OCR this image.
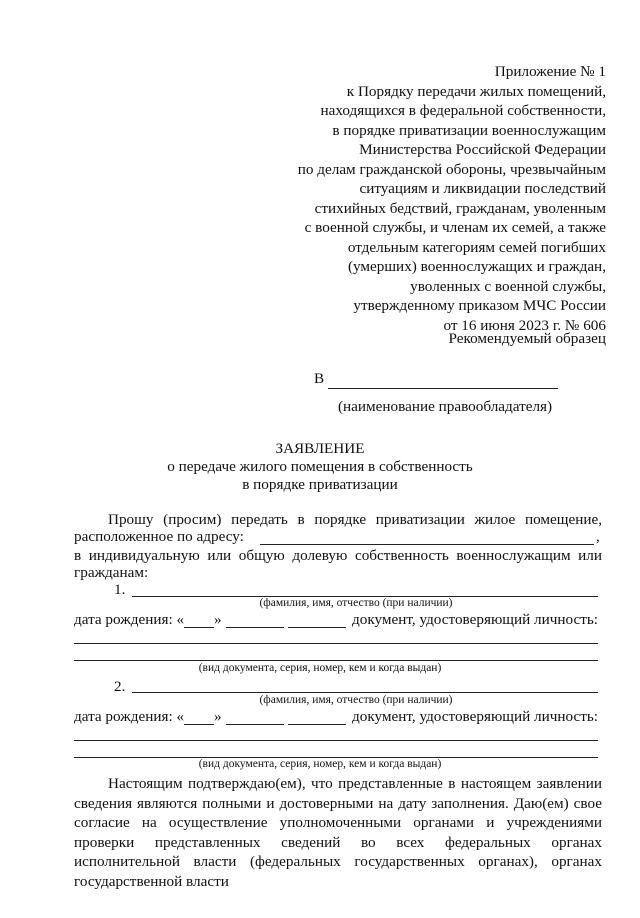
Приложение № 1
к Порядку передачи жилых помещений,
находящихся в федеральной собственности,
в порядке приватизации военнослужащим
Министерства Российской Федерации
по делам гражданской обороны, чрезвычайным
ситуациям и ликвидации последствий
стихийных бедствий, гражданам, уволенным
с военной службы, и членам их семей, а также
отдельным категориям семей погибших
(умерших) военнослужащих и граждан,
уволенных с военной службы,
утвержденному приказом МЧС России
от 16 июня 2023 г. № 606
Рекомендуемый образец
В
(наименование правообладателя)
ЗАЯВЛЕНИЕ
о передаче жилого помещения в собственность
в порядке приватизации
Прошу (просим) передать в порядке приватизации жилое помещение,
расположенное по адресу:	,
в индивидуальную или общую долевую собственность военнослужащим или
гражданам:
1.
(фамилия, имя, отчество (при наличии)
дата рождения: « »	документ, удостоверяющий личность:
(вид документа, серия, номер, кем и когда выдан)
2.
(фамилия, имя, отчество (при наличии)
дата рождения: « »	документ, удостоверяющий личность:
(вид документа, серия, номер, кем и когда выдан)
Настоящим подтверждаю(ем), что представленные в настоящем заявлении сведения являются полными и достоверными на дату заполнения. Даю(ем) свое согласие на осуществление уполномоченными органами и учреждениями проверки представленных сведений во всех федеральных органах исполнительной власти (федеральных государственных органах), органах государственной власти
